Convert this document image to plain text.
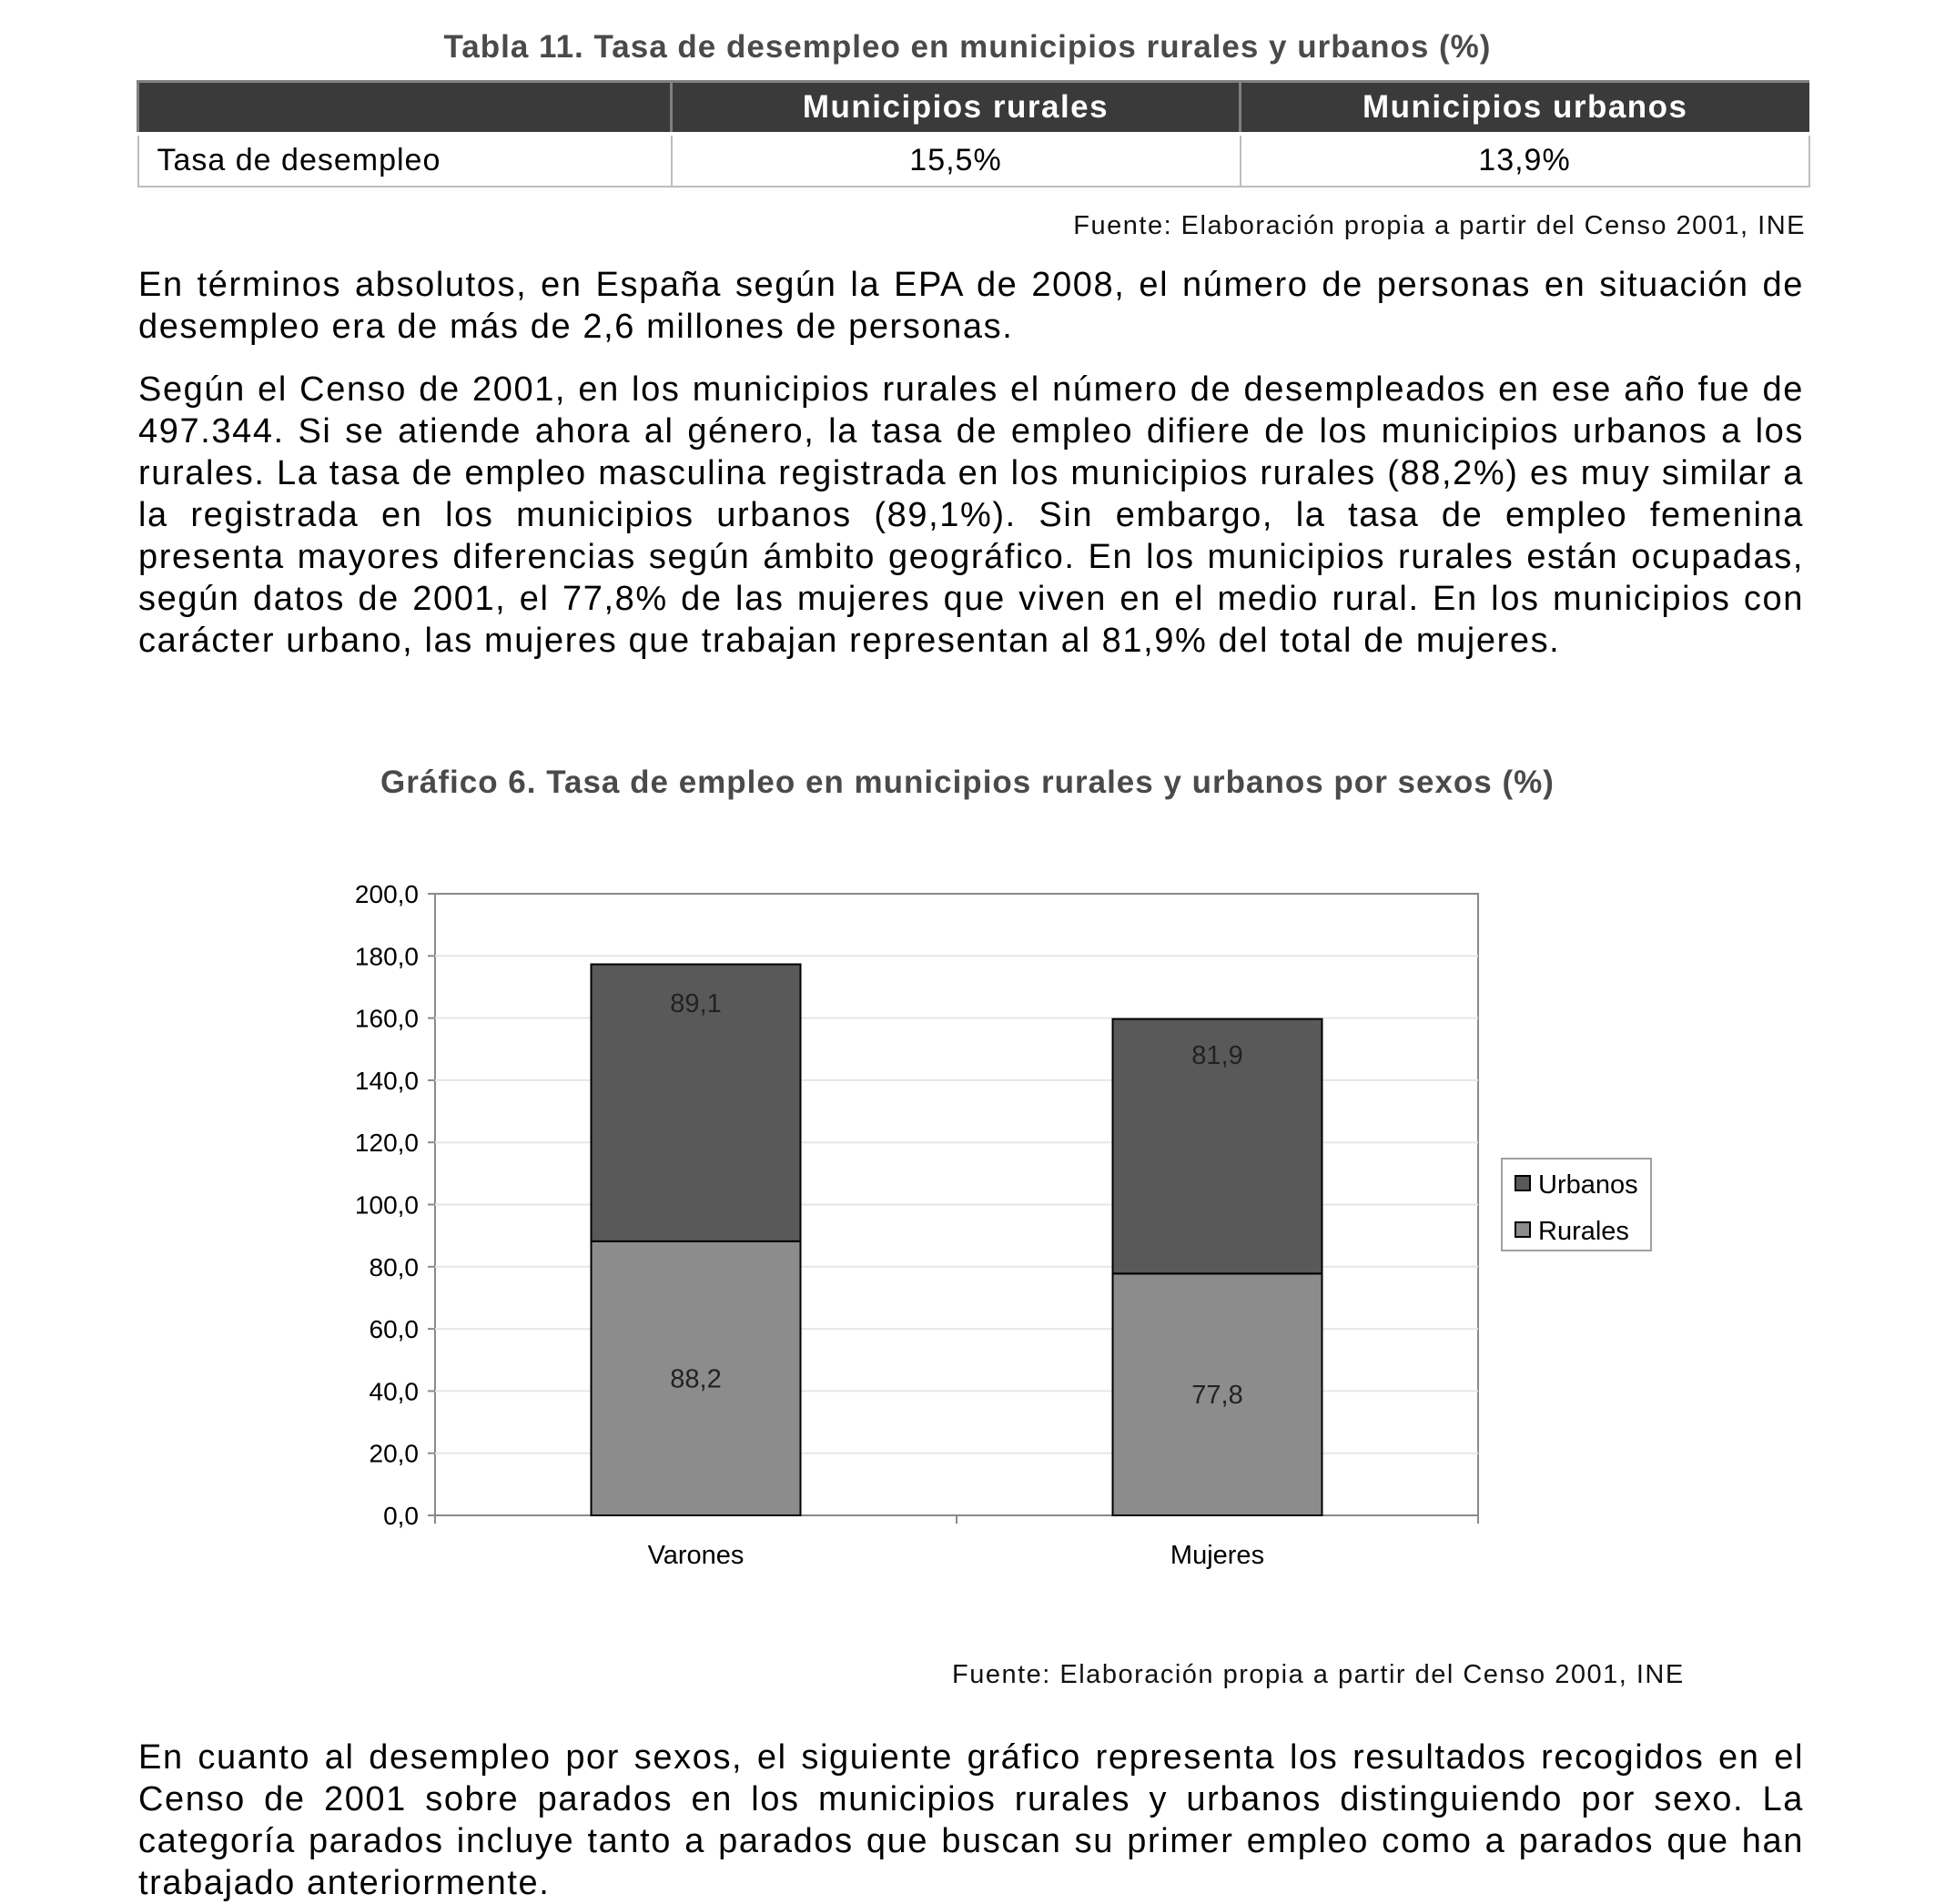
Tabla 11. Tasa de desempleo en municipios rurales y urbanos (%)
	Municipios rurales	Municipios urbanos
Tasa de desempleo	15,5%	13,9%
Fuente: Elaboración propia a partir del Censo 2001, INE
En términos absolutos, en España según la EPA de 2008, el número de personas en situación de desempleo era de más de 2,6 millones de personas.
Según el Censo de 2001, en los municipios rurales el número de desempleados en ese año fue de 497.344. Si se atiende ahora al género, la tasa de empleo difiere de los municipios urbanos a los rurales. La tasa de empleo masculina registrada en los municipios rurales (88,2%) es muy similar a la registrada en los municipios urbanos (89,1%). Sin embargo, la tasa de empleo femenina presenta mayores diferencias según ámbito geográfico. En los municipios rurales están ocupadas, según datos de 2001, el 77,8% de las mujeres que viven en el medio rural. En los municipios con carácter urbano, las mujeres que trabajan representan al 81,9% del total de mujeres.
Gráfico 6. Tasa de empleo en municipios rurales y urbanos por sexos (%)
0,0
20,0
40,0
60,0
80,0
100,0
120,0
140,0
160,0
180,0
200,0
88,2
89,1
77,8
81,9
Varones	Mujeres
Urbanos
Rurales
Fuente: Elaboración propia a partir del Censo 2001, INE
En cuanto al desempleo por sexos, el siguiente gráfico representa los resultados recogidos en el Censo de 2001 sobre parados en los municipios rurales y urbanos distinguiendo por sexo. La categoría parados incluye tanto a parados que buscan su primer empleo como a parados que han trabajado anteriormente.
